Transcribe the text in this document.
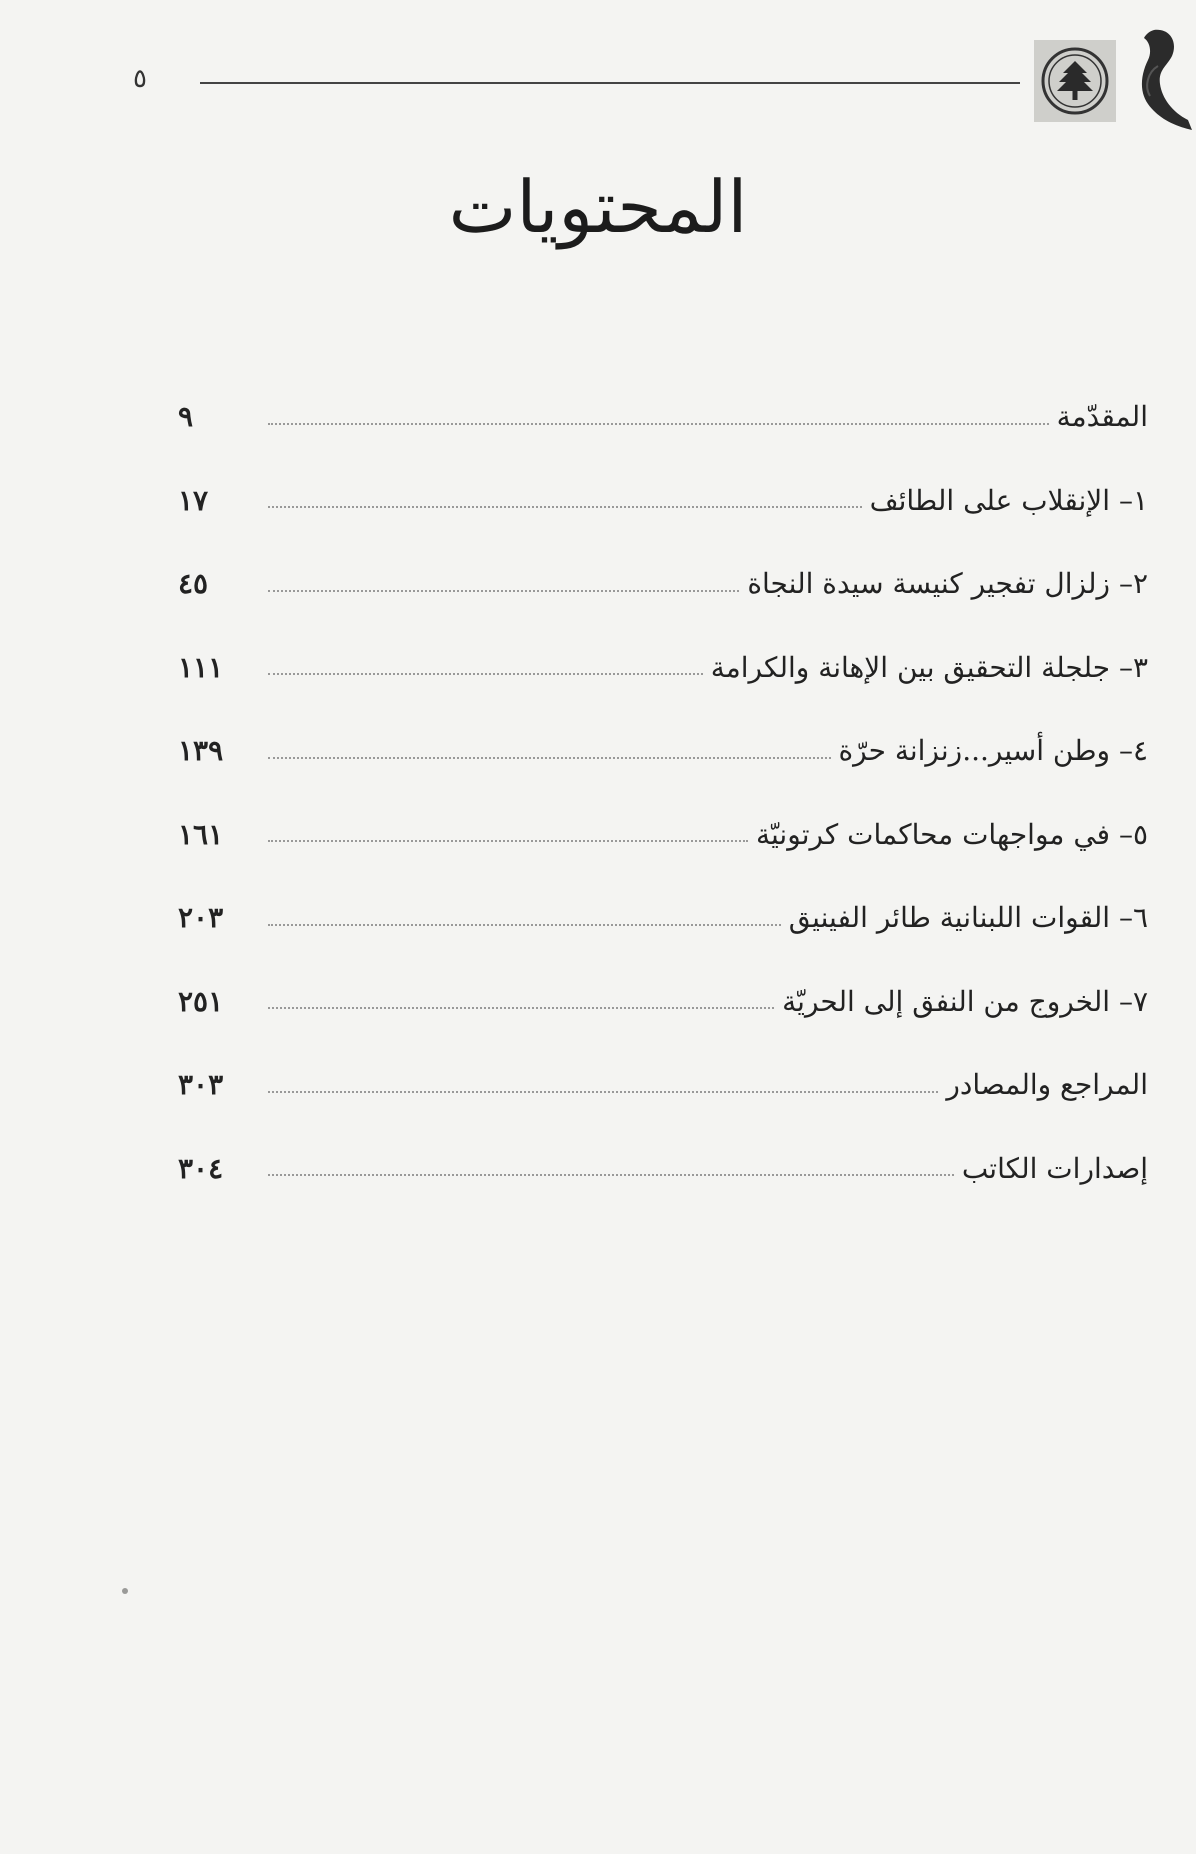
٥
المحتويات
المقدّمة
٩
١– الإنقلاب على الطائف
١٧
٢– زلزال تفجير كنيسة سيدة النجاة
٤٥
٣– جلجلة التحقيق بين الإهانة والكرامة
١١١
٤– وطن أسير...زنزانة حرّة
١٣٩
٥– في مواجهات محاكمات كرتونيّة
١٦١
٦– القوات اللبنانية طائر الفينيق
٢٠٣
٧– الخروج من النفق إلى الحريّة
٢٥١
المراجع والمصادر
٣٠٣
إصدارات الكاتب
٣٠٤
